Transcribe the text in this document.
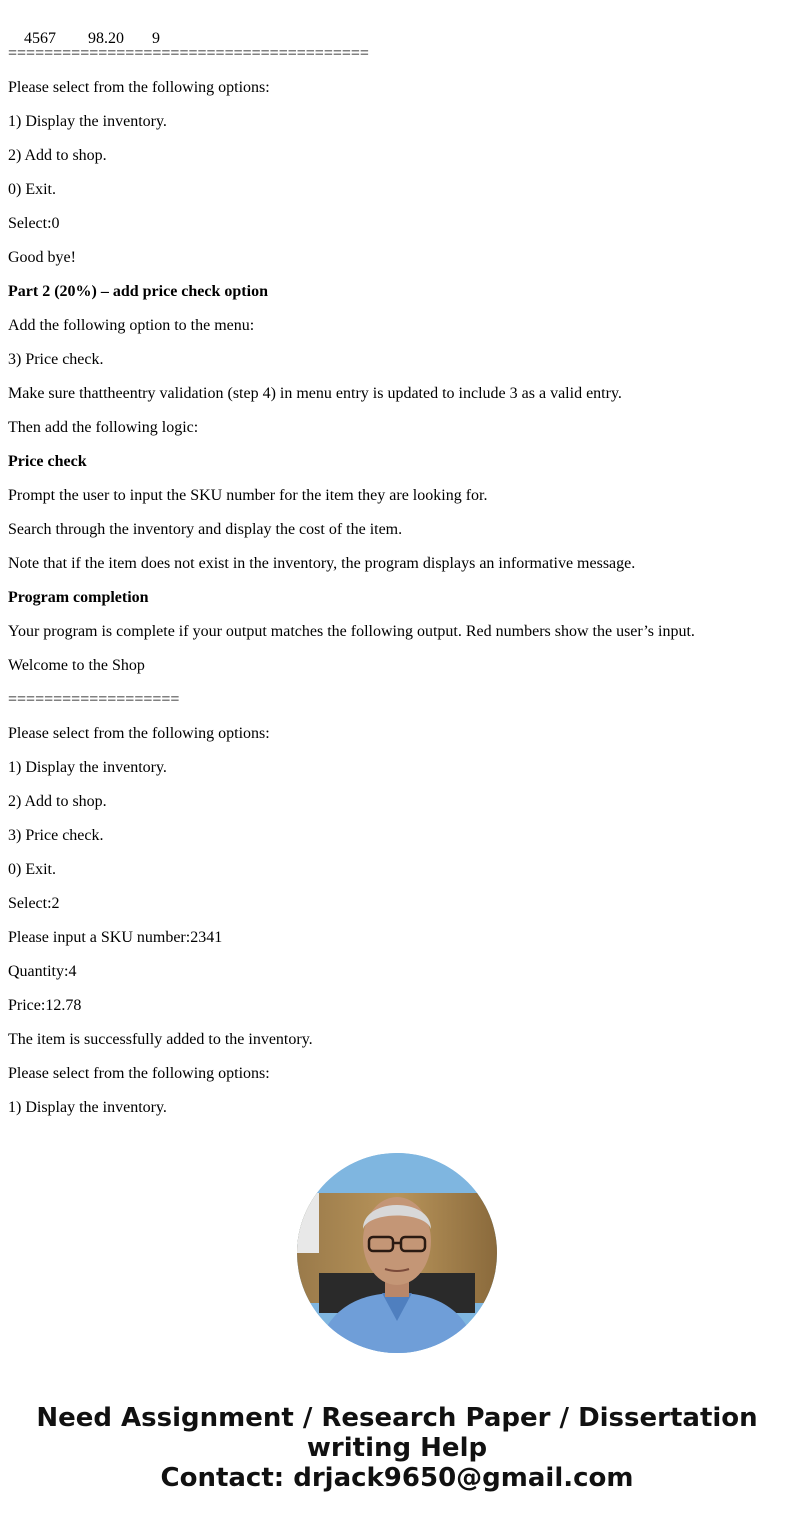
4567 98.20 9

========================================
Please select from the following options:
1) Display the inventory.
2) Add to shop.
0) Exit.
Select:0
Good bye!
Part 2 (20%) – add price check option
Add the following option to the menu:
3) Price check.
Make sure thattheentry validation (step 4) in menu entry is updated to include 3 as a valid entry.
Then add the following logic:
Price check
Prompt the user to input the SKU number for the item they are looking for.
Search through the inventory and display the cost of the item.
Note that if the item does not exist in the inventory, the program displays an informative message.
Program completion
Your program is complete if your output matches the following output. Red numbers show the user’s input.
Welcome to the Shop
===================
Please select from the following options:
1) Display the inventory.
2) Add to shop.
3) Price check.
0) Exit.
Select:2
Please input a SKU number:2341
Quantity:4
Price:12.78
The item is successfully added to the inventory.
Please select from the following options:
1) Display the inventory.
Need Assignment / Research Paper / Dissertation
writing Help
Contact: drjack9650@gmail.com
